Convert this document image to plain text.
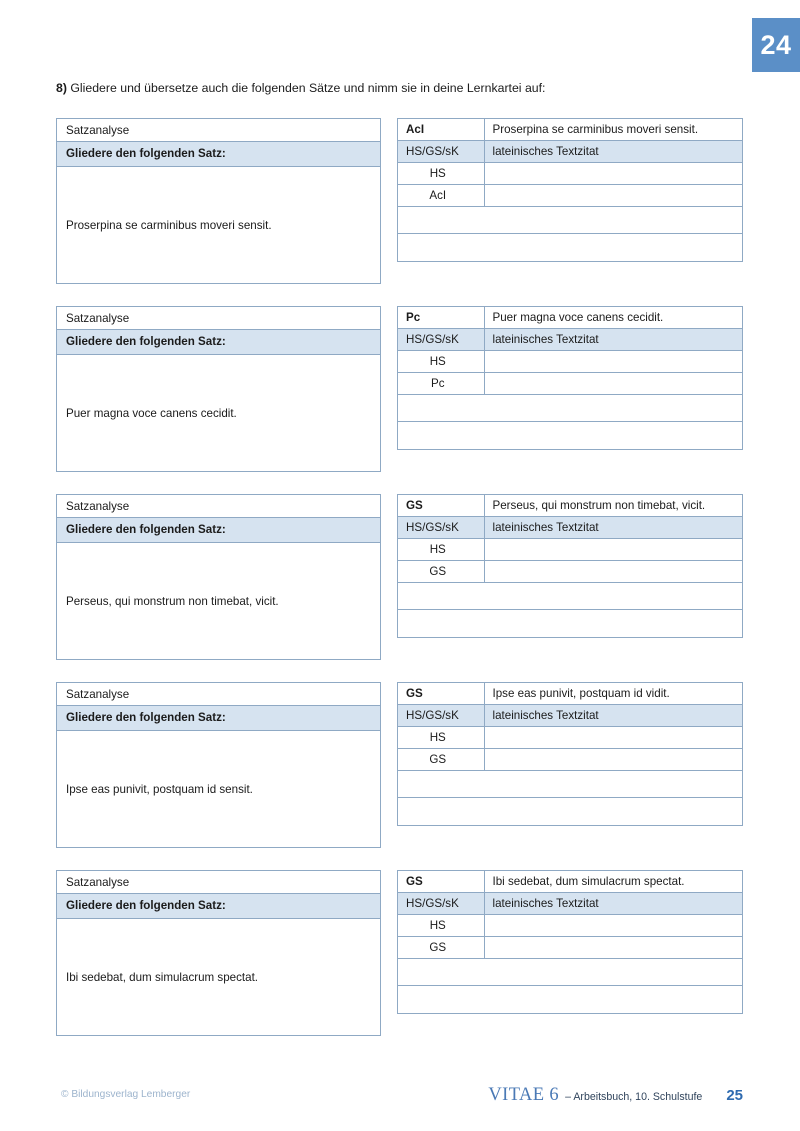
24
8) Gliedere und übersetze auch die folgenden Sätze und nimm sie in deine Lernkartei auf:
Satzanalyse
Gliedere den folgenden Satz:
Proserpina se carminibus moveri sensit.
AcI	Proserpina se carminibus moveri sensit.
HS/GS/sK	lateinisches Textzitat
HS	
AcI	

Satzanalyse
Gliedere den folgenden Satz:
Puer magna voce canens cecidit.
Pc	Puer magna voce canens cecidit.
HS/GS/sK	lateinisches Textzitat
HS	
Pc	

Satzanalyse
Gliedere den folgenden Satz:
Perseus, qui monstrum non timebat, vicit.
GS	Perseus, qui monstrum non timebat, vicit.
HS/GS/sK	lateinisches Textzitat
HS	
GS	

Satzanalyse
Gliedere den folgenden Satz:
Ipse eas punivit, postquam id sensit.
GS	Ipse eas punivit, postquam id vidit.
HS/GS/sK	lateinisches Textzitat
HS	
GS	

Satzanalyse
Gliedere den folgenden Satz:
Ibi sedebat, dum simulacrum spectat.
GS	Ibi sedebat, dum simulacrum spectat.
HS/GS/sK	lateinisches Textzitat
HS	
GS	

© Bildungsverlag Lemberger	VITAE 6 – Arbeitsbuch, 10. Schulstufe 25
